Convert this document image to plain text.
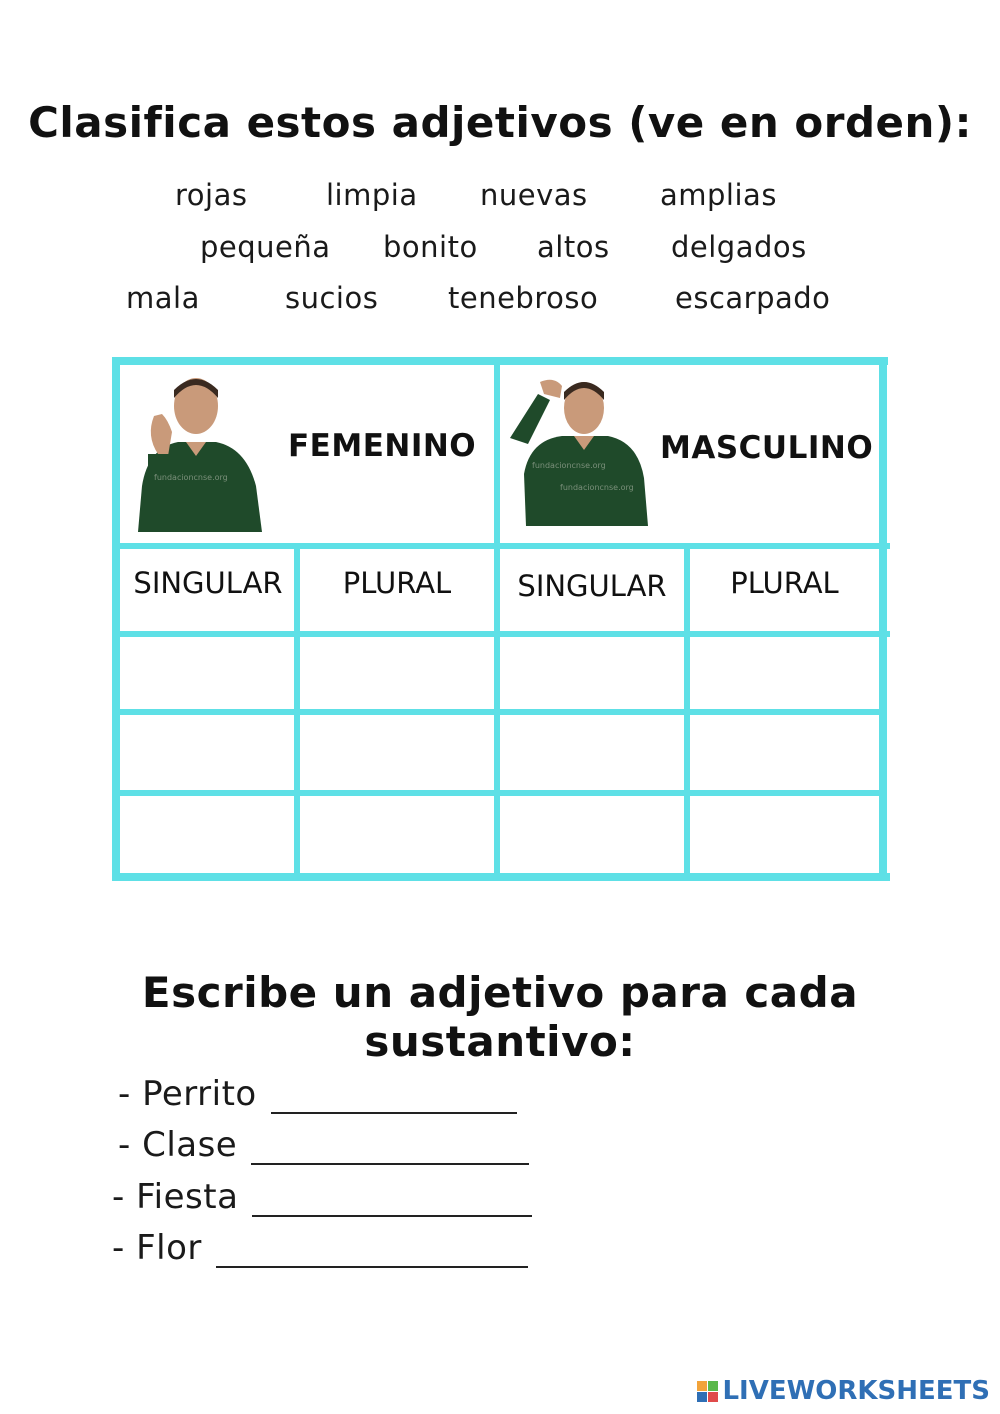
Clasifica estos adjetivos (ve en orden):
rojas	limpia nuevas amplias
pequeña bonito altos delgados
mala	sucios tenebroso	escarpado
fundacioncnse.org
FEMENINO
fundacioncnse.org
fundacioncnse.org
MASCULINO
SINGULAR	PLURAL	SINGULAR	PLURAL
Escribe un adjetivo para cada sustantivo:
- Perrito
- Clase
- Fiesta
- Flor
LIVEWORKSHEETS
